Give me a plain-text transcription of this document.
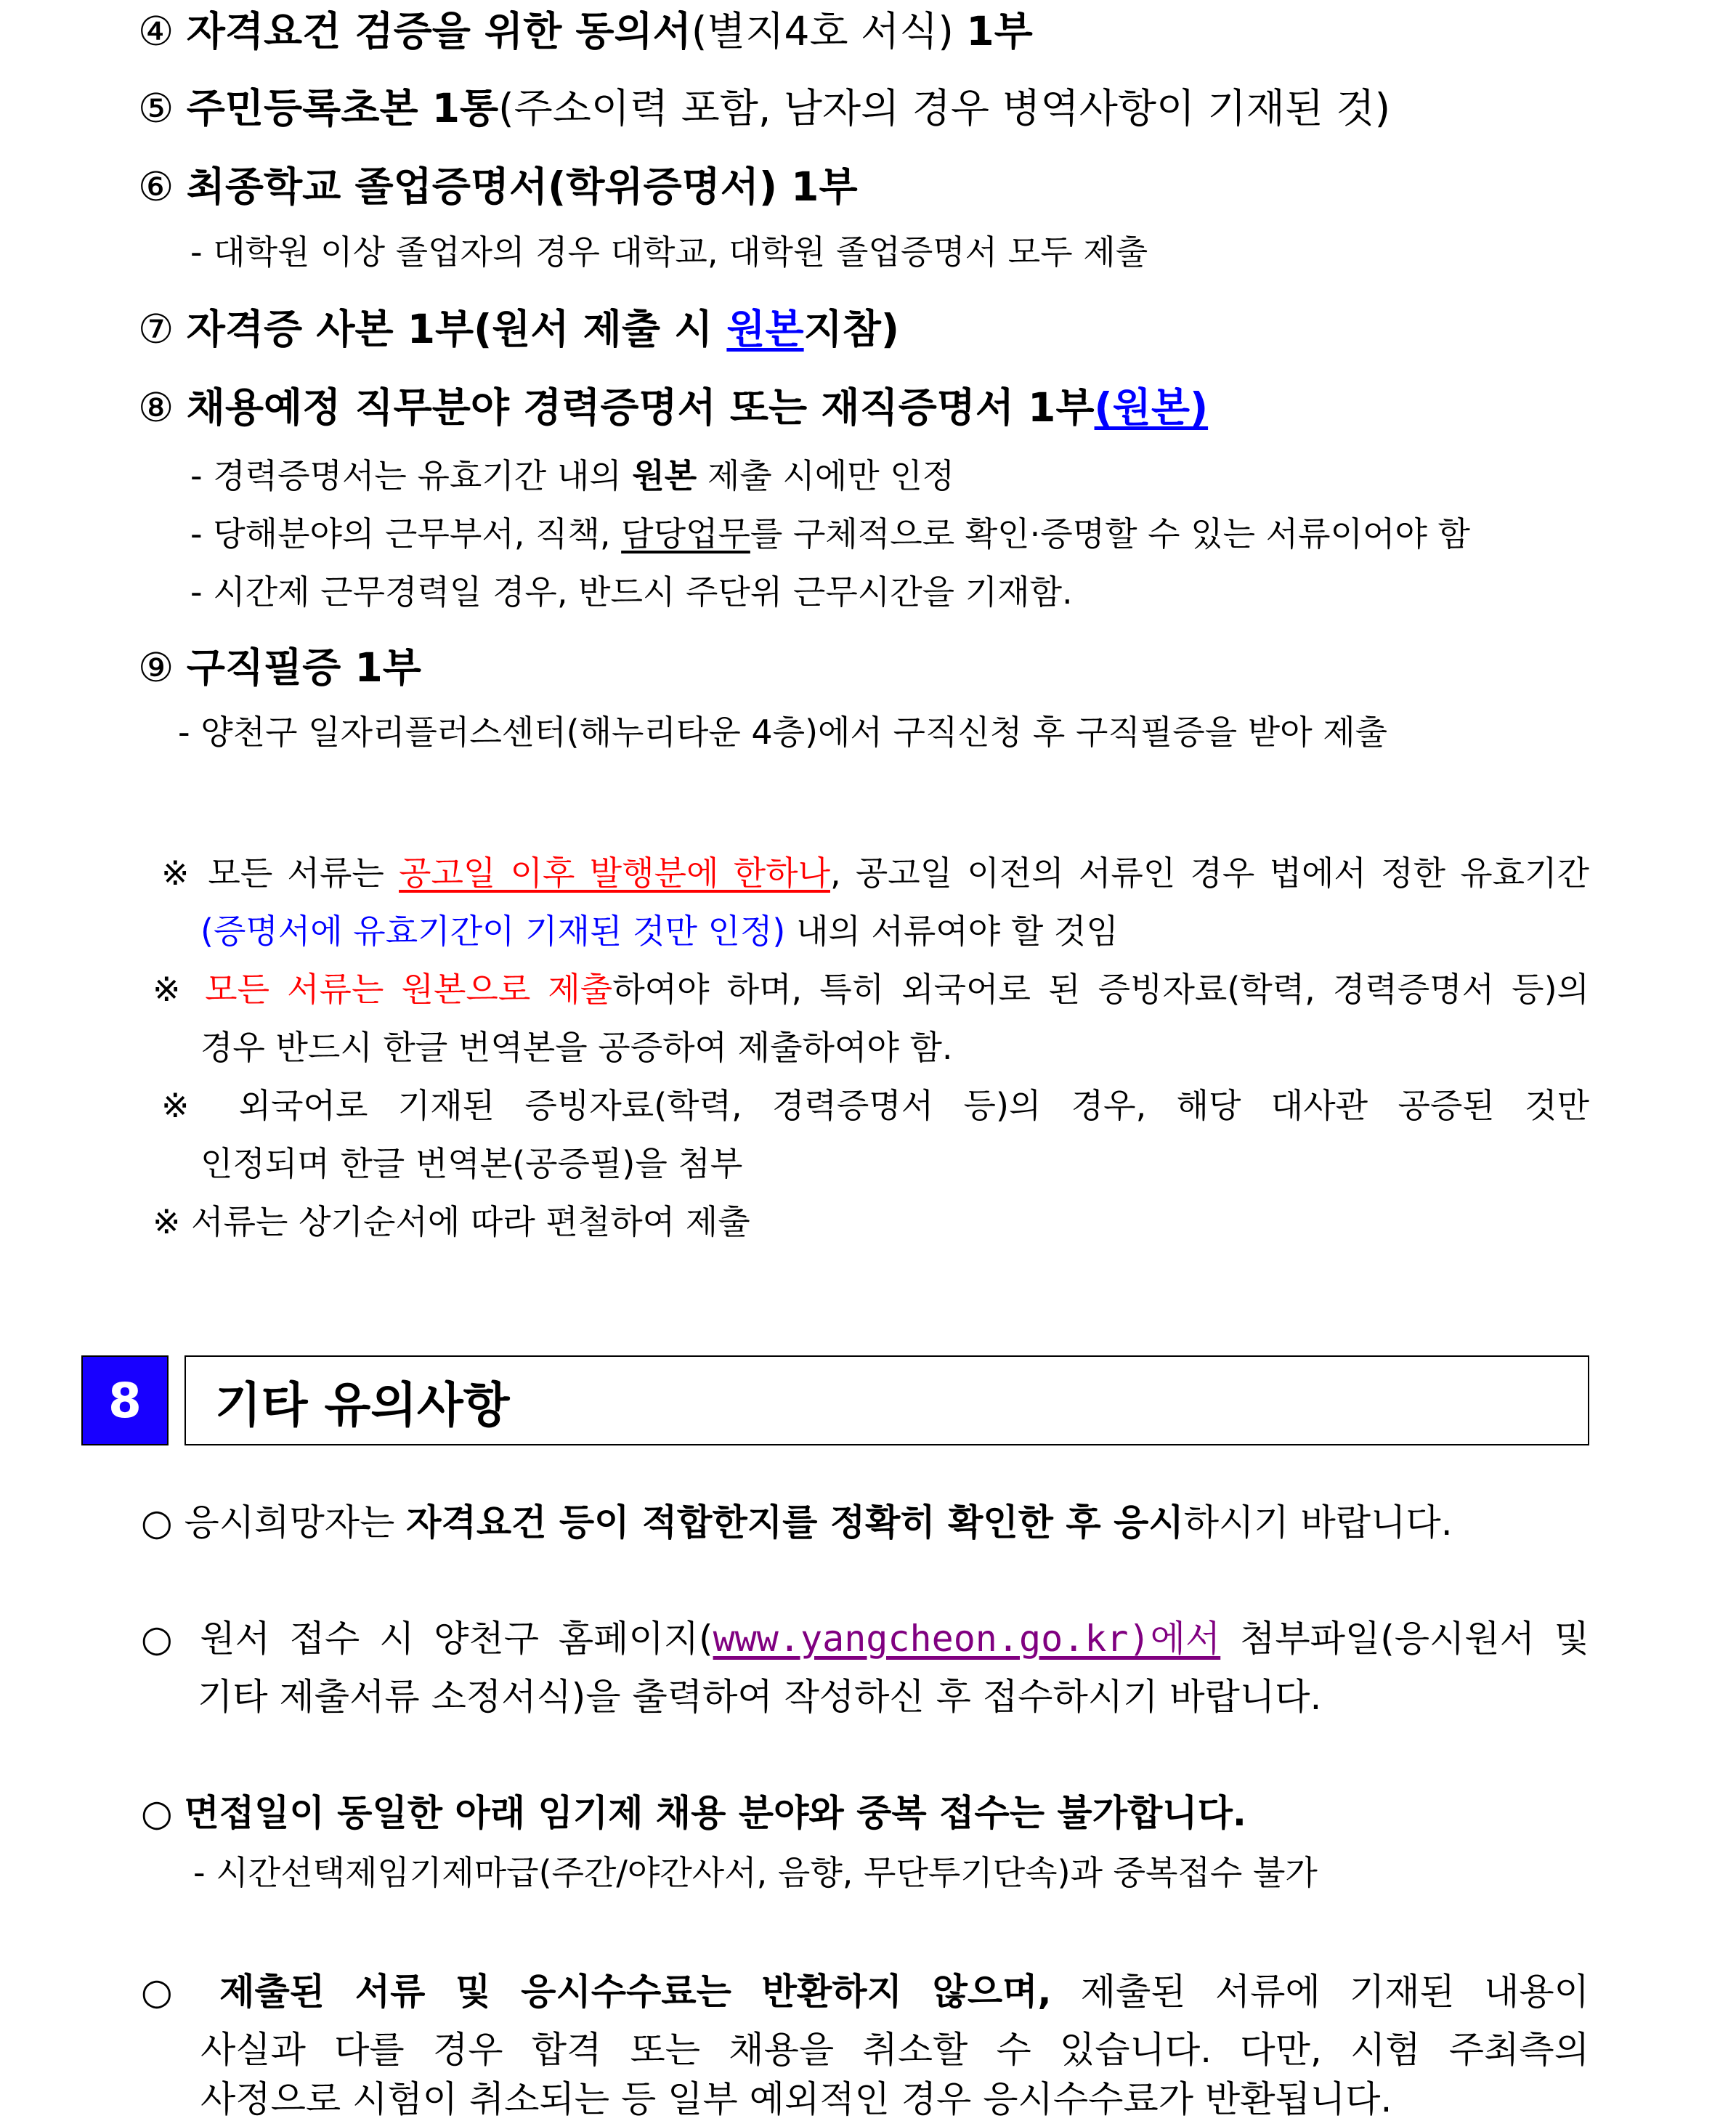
④ 자격요건 검증을 위한 동의서(별지4호 서식) 1부
⑤ 주민등록초본 1통(주소이력 포함, 남자의 경우 병역사항이 기재된 것)
⑥ 최종학교 졸업증명서(학위증명서) 1부
- 대학원 이상 졸업자의 경우 대학교, 대학원 졸업증명서 모두 제출
⑦ 자격증 사본 1부(원서 제출 시 원본지참)
⑧ 채용예정 직무분야 경력증명서 또는 재직증명서 1부(원본)
- 경력증명서는 유효기간 내의 원본 제출 시에만 인정
- 당해분야의 근무부서, 직책, 담당업무를 구체적으로 확인·증명할 수 있는 서류이어야 함
- 시간제 근무경력일 경우, 반드시 주단위 근무시간을 기재함.
⑨ 구직필증 1부
- 양천구 일자리플러스센터(해누리타운 4층)에서 구직신청 후 구직필증을 받아 제출
※ 모든 서류는 공고일 이후 발행분에 한하나, 공고일 이전의 서류인 경우 법에서 정한 유효기간
(증명서에 유효기간이 기재된 것만 인정) 내의 서류여야 할 것임
※ 모든 서류는 원본으로 제출하여야 하며, 특히 외국어로 된 증빙자료(학력, 경력증명서 등)의
경우 반드시 한글 번역본을 공증하여 제출하여야 함.
※ 외국어로 기재된 증빙자료(학력, 경력증명서 등)의 경우, 해당 대사관 공증된 것만
인정되며 한글 번역본(공증필)을 첨부
※ 서류는 상기순서에 따라 편철하여 제출
8	기타 유의사항
○ 응시희망자는 자격요건 등이 적합한지를 정확히 확인한 후 응시하시기 바랍니다.
○ 원서 접수 시 양천구 홈페이지(www.yangcheon.go.kr)에서 첨부파일(응시원서 및
기타 제출서류 소정서식)을 출력하여 작성하신 후 접수하시기 바랍니다.
○ 면접일이 동일한 아래 임기제 채용 분야와 중복 접수는 불가합니다.
- 시간선택제임기제마급(주간/야간사서, 음향, 무단투기단속)과 중복접수 불가
○ 제출된 서류 및 응시수수료는 반환하지 않으며, 제출된 서류에 기재된 내용이
사실과 다를 경우 합격 또는 채용을 취소할 수 있습니다. 다만, 시험 주최측의
사정으로 시험이 취소되는 등 일부 예외적인 경우 응시수수료가 반환됩니다.
